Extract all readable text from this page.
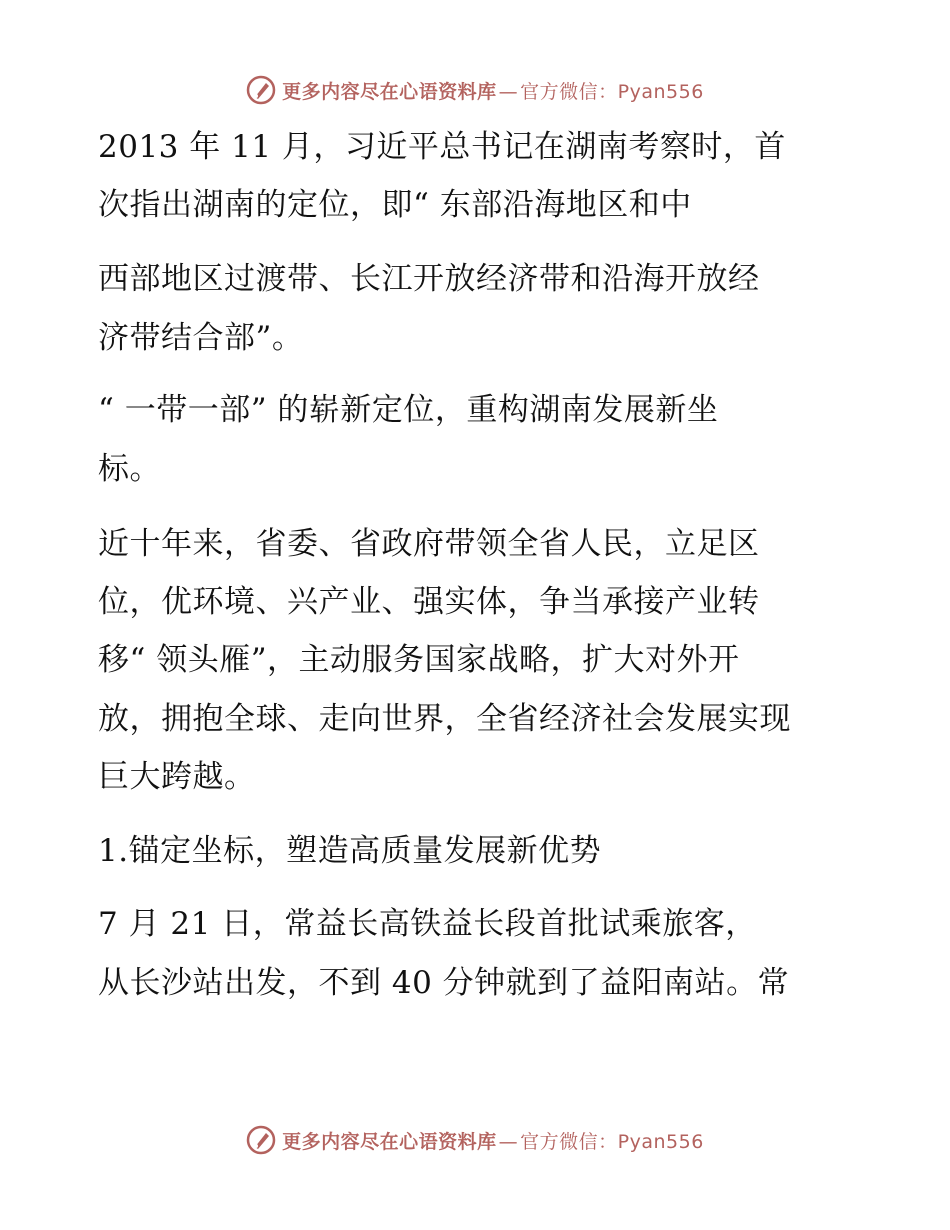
更多内容尽在心语资料库 — 官方微信：Pyan556
2013 年 11 月，习近平总书记在湖南考察时，首
次指出湖南的定位，即“ 东部沿海地区和中
西部地区过渡带、长江开放经济带和沿海开放经
济带结合部”。
“ 一带一部” 的崭新定位，重构湖南发展新坐
标。
近十年来，省委、省政府带领全省人民，立足区
位，优环境、兴产业、强实体，争当承接产业转
移“ 领头雁”，主动服务国家战略，扩大对外开
放，拥抱全球、走向世界，全省经济社会发展实现
巨大跨越。
1.锚定坐标，塑造高质量发展新优势
7 月 21 日，常益长高铁益长段首批试乘旅客，
从长沙站出发，不到 40 分钟就到了益阳南站。常
更多内容尽在心语资料库 — 官方微信：Pyan556
